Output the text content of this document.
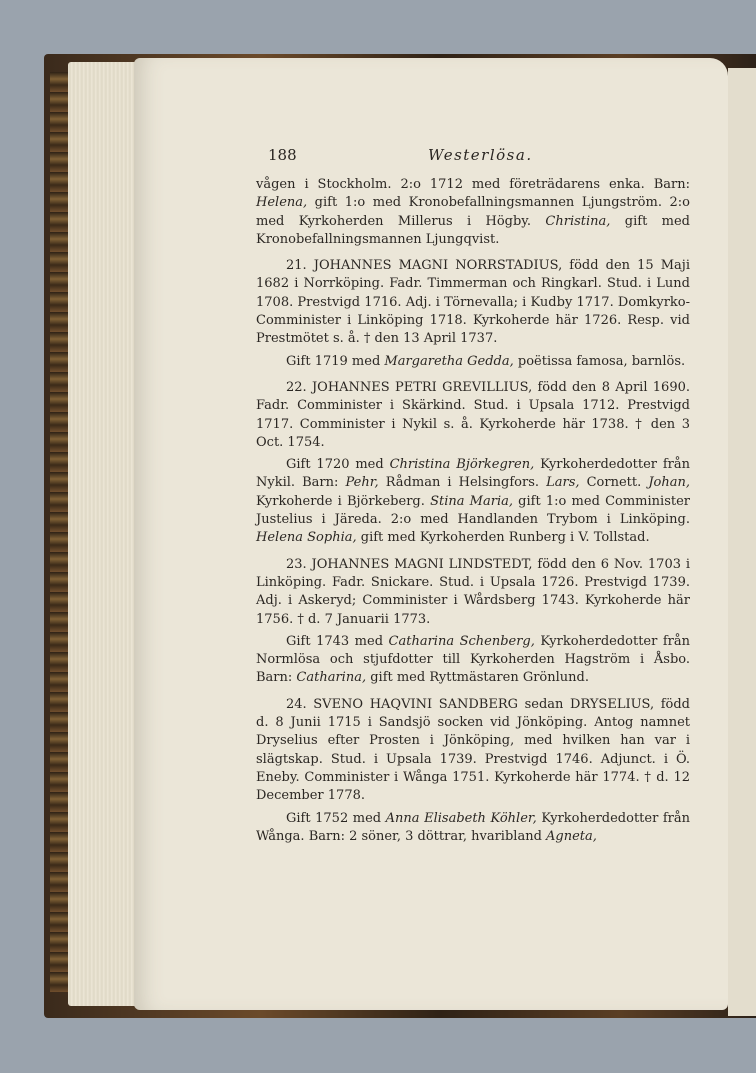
188	Westerlösa.

vågen i Stockholm. 2:o 1712 med företrädarens enka. Barn: Helena, gift 1:o med Kronobefallningsmannen Ljungström. 2:o med Kyrkoherden Millerus i Högby. Christina, gift med Kronobefallningsmannen Ljungqvist.

21. JOHANNES MAGNI NORRSTADIUS, född den 15 Maji 1682 i Norrköping. Fadr. Timmerman och Ringkarl. Stud. i Lund 1708. Prestvigd 1716. Adj. i Törnevalla; i Kudby 1717. Domkyrko-Comminister i Linköping 1718. Kyrkoherde här 1726. Resp. vid Prestmötet s. å. † den 13 April 1737.

Gift 1719 med Margaretha Gedda, poëtissa famosa, barnlös.

22. JOHANNES PETRI GREVILLIUS, född den 8 April 1690. Fadr. Comminister i Skärkind. Stud. i Upsala 1712. Prestvigd 1717. Comminister i Nykil s. å. Kyrkoherde här 1738. † den 3 Oct. 1754.

Gift 1720 med Christina Björkegren, Kyrkoherdedotter från Nykil. Barn: Pehr, Rådman i Helsingfors. Lars, Cornett. Johan, Kyrkoherde i Björkeberg. Stina Maria, gift 1:o med Comminister Justelius i Järeda. 2:o med Handlanden Trybom i Linköping. Helena Sophia, gift med Kyrkoherden Runberg i V. Tollstad.

23. JOHANNES MAGNI LINDSTEDT, född den 6 Nov. 1703 i Linköping. Fadr. Snickare. Stud. i Upsala 1726. Prestvigd 1739. Adj. i Askeryd; Comminister i Wårdsberg 1743. Kyrkoherde här 1756. † d. 7 Januarii 1773.

Gift 1743 med Catharina Schenberg, Kyrkoherdedotter från Normlösa och stjufdotter till Kyrkoherden Hagström i Åsbo. Barn: Catharina, gift med Ryttmästaren Grönlund.

24. SVENO HAQVINI SANDBERG sedan DRYSELIUS, född d. 8 Junii 1715 i Sandsjö socken vid Jönköping. Antog namnet Dryselius efter Prosten i Jönköping, med hvilken han var i slägtskap. Stud. i Upsala 1739. Prestvigd 1746. Adjunct. i Ö. Eneby. Comminister i Wånga 1751. Kyrkoherde här 1774. † d. 12 December 1778.

Gift 1752 med Anna Elisabeth Köhler, Kyrkoherdedotter från Wånga. Barn: 2 söner, 3 döttrar, hvaribland Agneta,
